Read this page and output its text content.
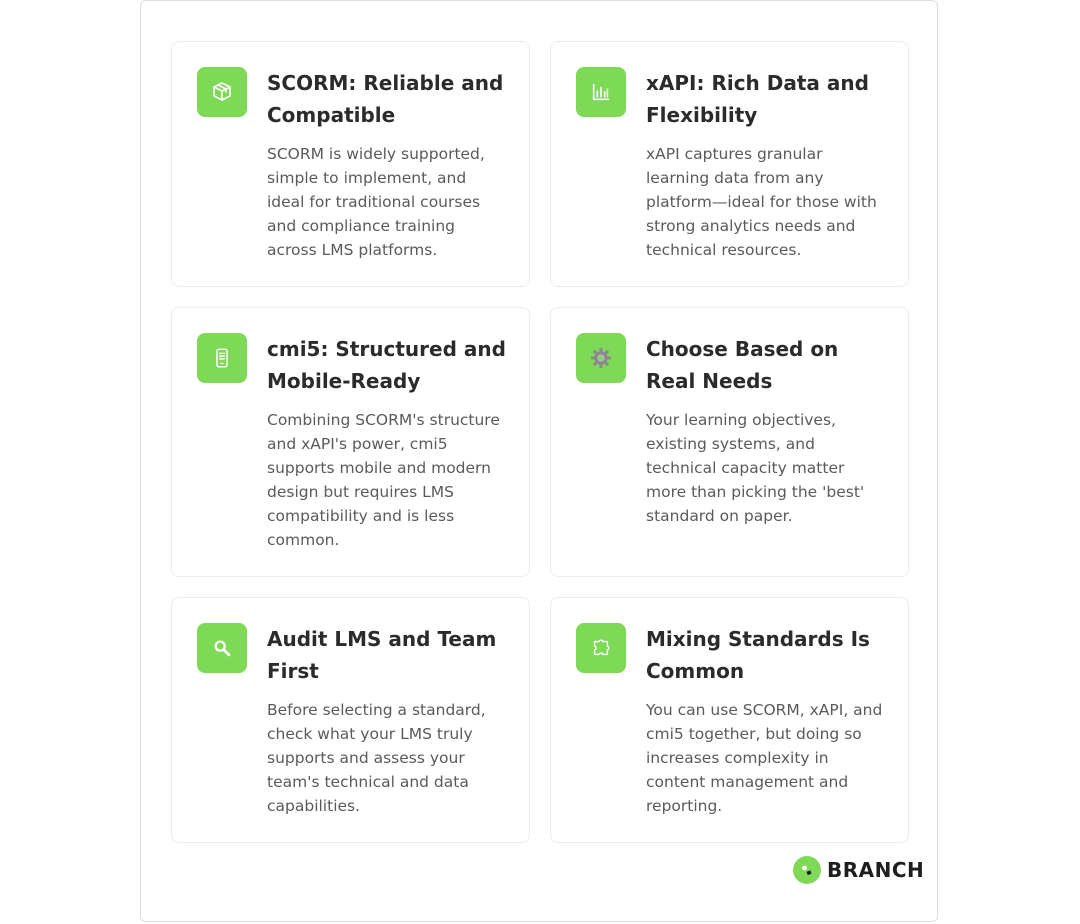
SCORM: Reliable and Compatible

SCORM is widely supported, simple to implement, and ideal for traditional courses and compliance training across LMS platforms.

xAPI: Rich Data and Flexibility

xAPI captures granular learning data from any platform—ideal for those with strong analytics needs and technical resources.

cmi5: Structured and Mobile-Ready

Combining SCORM's structure and xAPI's power, cmi5 supports mobile and modern design but requires LMS compatibility and is less common.

Choose Based on Real Needs

Your learning objectives, existing systems, and technical capacity matter more than picking the 'best' standard on paper.

Audit LMS and Team First

Before selecting a standard, check what your LMS truly supports and assess your team's technical and data capabilities.

Mixing Standards Is Common

You can use SCORM, xAPI, and cmi5 together, but doing so increases complexity in content management and reporting.

BRANCH
